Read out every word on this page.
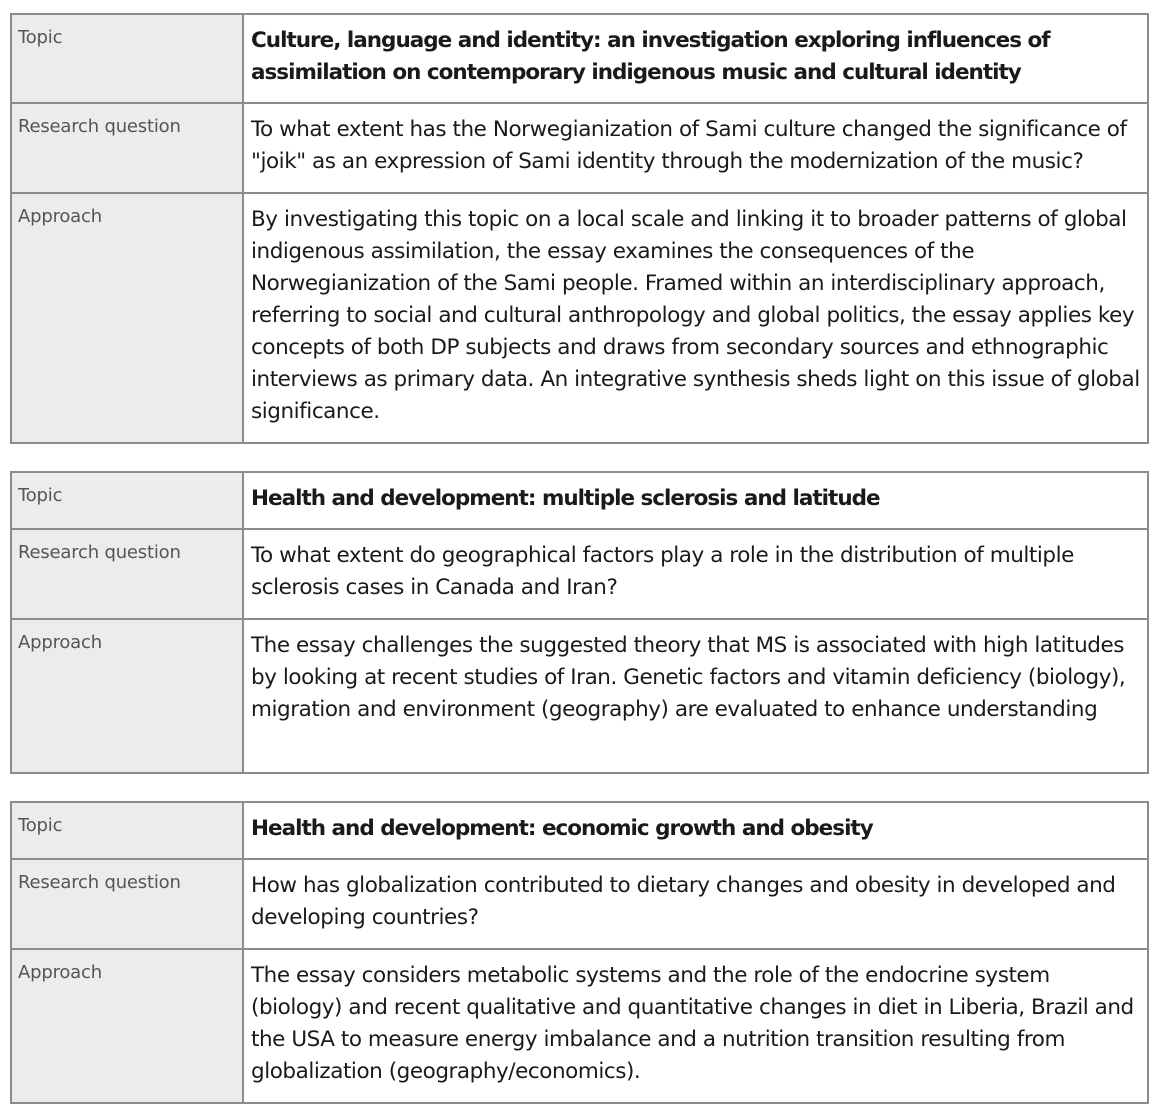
Topic	Culture, language and identity: an investigation exploring influences of assimilation on contemporary indigenous music and cultural identity
Research question	To what extent has the Norwegianization of Sami culture changed the significance of "joik" as an expression of Sami identity through the modernization of the music?
Approach	By investigating this topic on a local scale and linking it to broader patterns of global indigenous assimilation, the essay examines the consequences of the Norwegianization of the Sami people. Framed within an interdisciplinary approach, referring to social and cultural anthropology and global politics, the essay applies key concepts of both DP subjects and draws from secondary sources and ethnographic interviews as primary data. An integrative synthesis sheds light on this issue of global significance.
Topic	Health and development: multiple sclerosis and latitude
Research question	To what extent do geographical factors play a role in the distribution of multiple sclerosis cases in Canada and Iran?
Approach	The essay challenges the suggested theory that MS is associated with high latitudes by looking at recent studies of Iran. Genetic factors and vitamin deficiency (biology), migration and environment (geography) are evaluated to enhance understanding
Topic	Health and development: economic growth and obesity
Research question	How has globalization contributed to dietary changes and obesity in developed and developing countries?
Approach	The essay considers metabolic systems and the role of the endocrine system (biology) and recent qualitative and quantitative changes in diet in Liberia, Brazil and the USA to measure energy imbalance and a nutrition transition resulting from globalization (geography/economics).
